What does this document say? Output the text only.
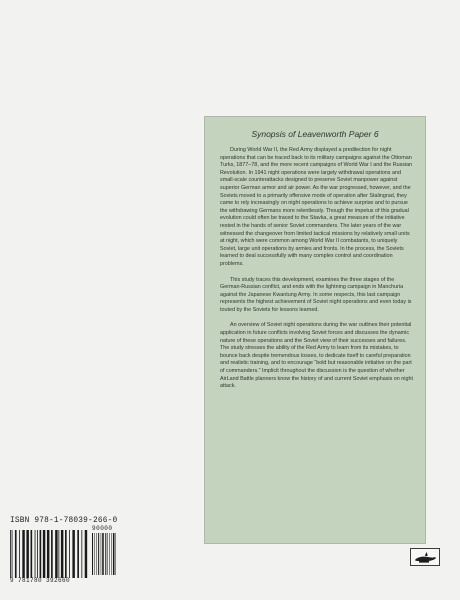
Synopsis of Leavenworth Paper 6

During World War II, the Red Army displayed a predilection for night operations that can be traced back to its military campaigns against the Ottoman Turks, 1877–78, and the more recent campaigns of World War I and the Russian Revolution. In 1941 night operations were largely withdrawal operations and small-scale counterattacks designed to preserve Soviet manpower against superior German armor and air power. As the war progressed, however, and the Soviets moved to a primarily offensive mode of operation after Stalingrad, they came to rely increasingly on night operations to achieve surprise and to pursue the withdrawing Germans more relentlessly. Though the impetus of this gradual evolution could often be traced to the Stavka, a great measure of the initiative rested in the hands of senior Soviet commanders. The later years of the war witnessed the changeover from limited tactical missions by relatively small units at night, which were common among World War II combatants, to uniquely Soviet, large unit operations by armies and fronts. In the process, the Soviets learned to deal successfully with many complex control and coordination problems.

This study traces this development, examines the three stages of the German-Russian conflict, and ends with the lightning campaign in Manchuria against the Japanese Kwantung Army. In some respects, this last campaign represents the highest achievement of Soviet night operations and even today is touted by the Soviets for lessons learned.

An overview of Soviet night operations during the war outlines their potential application in future conflicts involving Soviet forces and discusses the dynamic nature of these operations and the Soviet view of their successes and failures. The study stresses the ability of the Red Army to learn from its mistakes, to bounce back despite tremendous losses, to dedicate itself to careful preparation and realistic training, and to encourage “bold but reasonable initiative on the part of commanders.” Implicit throughout the discussion is the question of whether AirLand Battle planners know the history of and current Soviet emphasis on night attack.

ISBN 978-1-78039-266-0
90000
9 781780 392660
